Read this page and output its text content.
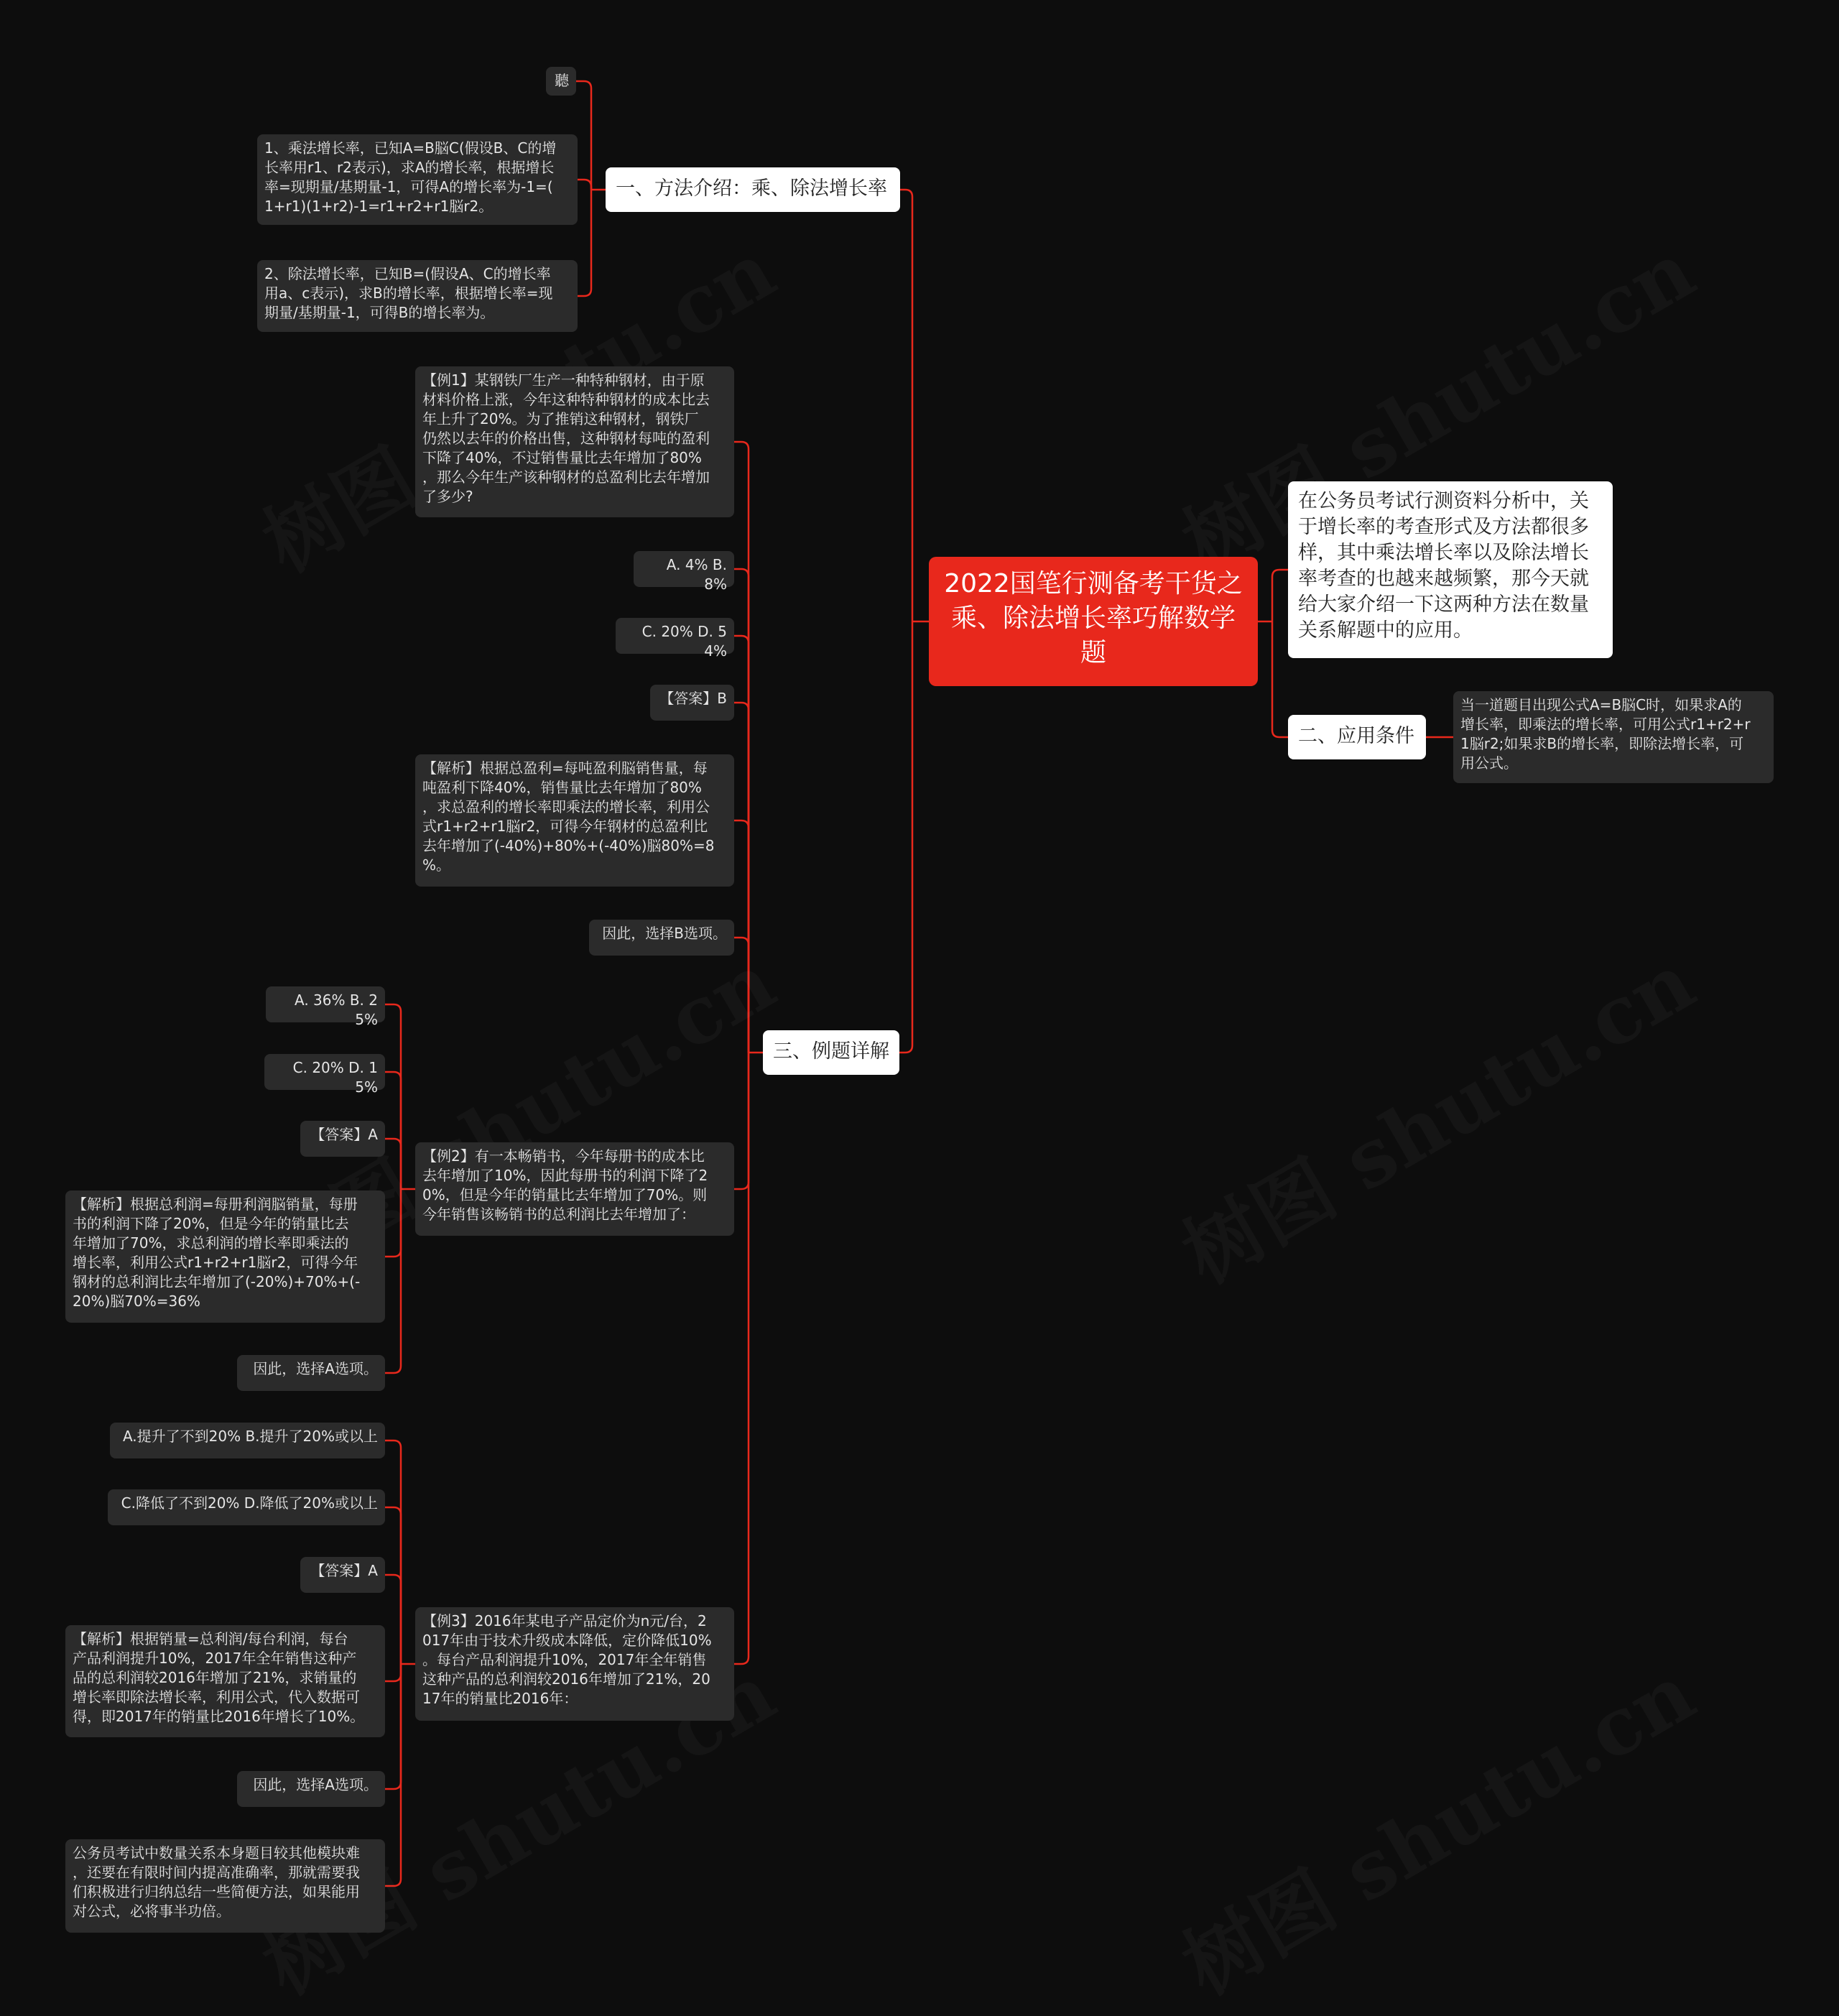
2022国笔行测备考干货之
乘、除法增长率巧解数学
题
在公务员考试行测资料分析中，关
于增长率的考查形式及方法都很多
样，其中乘法增长率以及除法增长
率考查的也越来越频繁，那今天就
给大家介绍一下这两种方法在数量
关系解题中的应用。
一、方法介绍：乘、除法增长率
聽
1、乘法增长率，已知A=B脳C(假设B、C的增
长率用r1、r2表示)，求A的增长率，根据增长
率=现期量/基期量-1，可得A的增长率为-1=(
1+r1)(1+r2)-1=r1+r2+r1脳r2。
2、除法增长率，已知B=(假设A、C的增长率
用a、c表示)，求B的增长率，根据增长率=现
期量/基期量-1，可得B的增长率为。
二、应用条件
当一道题目出现公式A=B脳C时，如果求A的
增长率，即乘法的增长率，可用公式r1+r2+r
1脳r2;如果求B的增长率，即除法增长率，可
用公式。
三、例题详解
【例1】某钢铁厂生产一种特种钢材，由于原
材料价格上涨，今年这种特种钢材的成本比去
年上升了20%。为了推销这种钢材，钢铁厂
仍然以去年的价格出售，这种钢材每吨的盈利
下降了40%，不过销售量比去年增加了80%
，那么今年生产该种钢材的总盈利比去年增加
了多少?
A. 4% B. 8%
C. 20% D. 54%
【答案】B
【解析】根据总盈利=每吨盈利脳销售量，每
吨盈利下降40%，销售量比去年增加了80%
，求总盈利的增长率即乘法的增长率，利用公
式r1+r2+r1脳r2，可得今年钢材的总盈利比
去年增加了(-40%)+80%+(-40%)脳80%=8
%。
因此，选择B选项。
【例2】有一本畅销书，今年每册书的成本比
去年增加了10%，因此每册书的利润下降了2
0%，但是今年的销量比去年增加了70%。则
今年销售该畅销书的总利润比去年增加了：
A. 36% B. 25%
C. 20% D. 15%
【答案】A
【解析】根据总利润=每册利润脳销量，每册
书的利润下降了20%，但是今年的销量比去
年增加了70%，求总利润的增长率即乘法的
增长率，利用公式r1+r2+r1脳r2，可得今年
钢材的总利润比去年增加了(-20%)+70%+(-
20%)脳70%=36%
因此，选择A选项。
【例3】2016年某电子产品定价为n元/台，2
017年由于技术升级成本降低，定价降低10%
。每台产品利润提升10%，2017年全年销售
这种产品的总利润较2016年增加了21%，20
17年的销量比2016年：
A.提升了不到20% B.提升了20%或以上
C.降低了不到20% D.降低了20%或以上
【答案】A
【解析】根据销量=总利润/每台利润，每台
产品利润提升10%，2017年全年销售这种产
品的总利润较2016年增加了21%，求销量的
增长率即除法增长率，利用公式，代入数据可
得，即2017年的销量比2016年增长了10%。
因此，选择A选项。
公务员考试中数量关系本身题目较其他模块难
，还要在有限时间内提高准确率，那就需要我
们积极进行归纳总结一些简便方法，如果能用
对公式，必将事半功倍。
